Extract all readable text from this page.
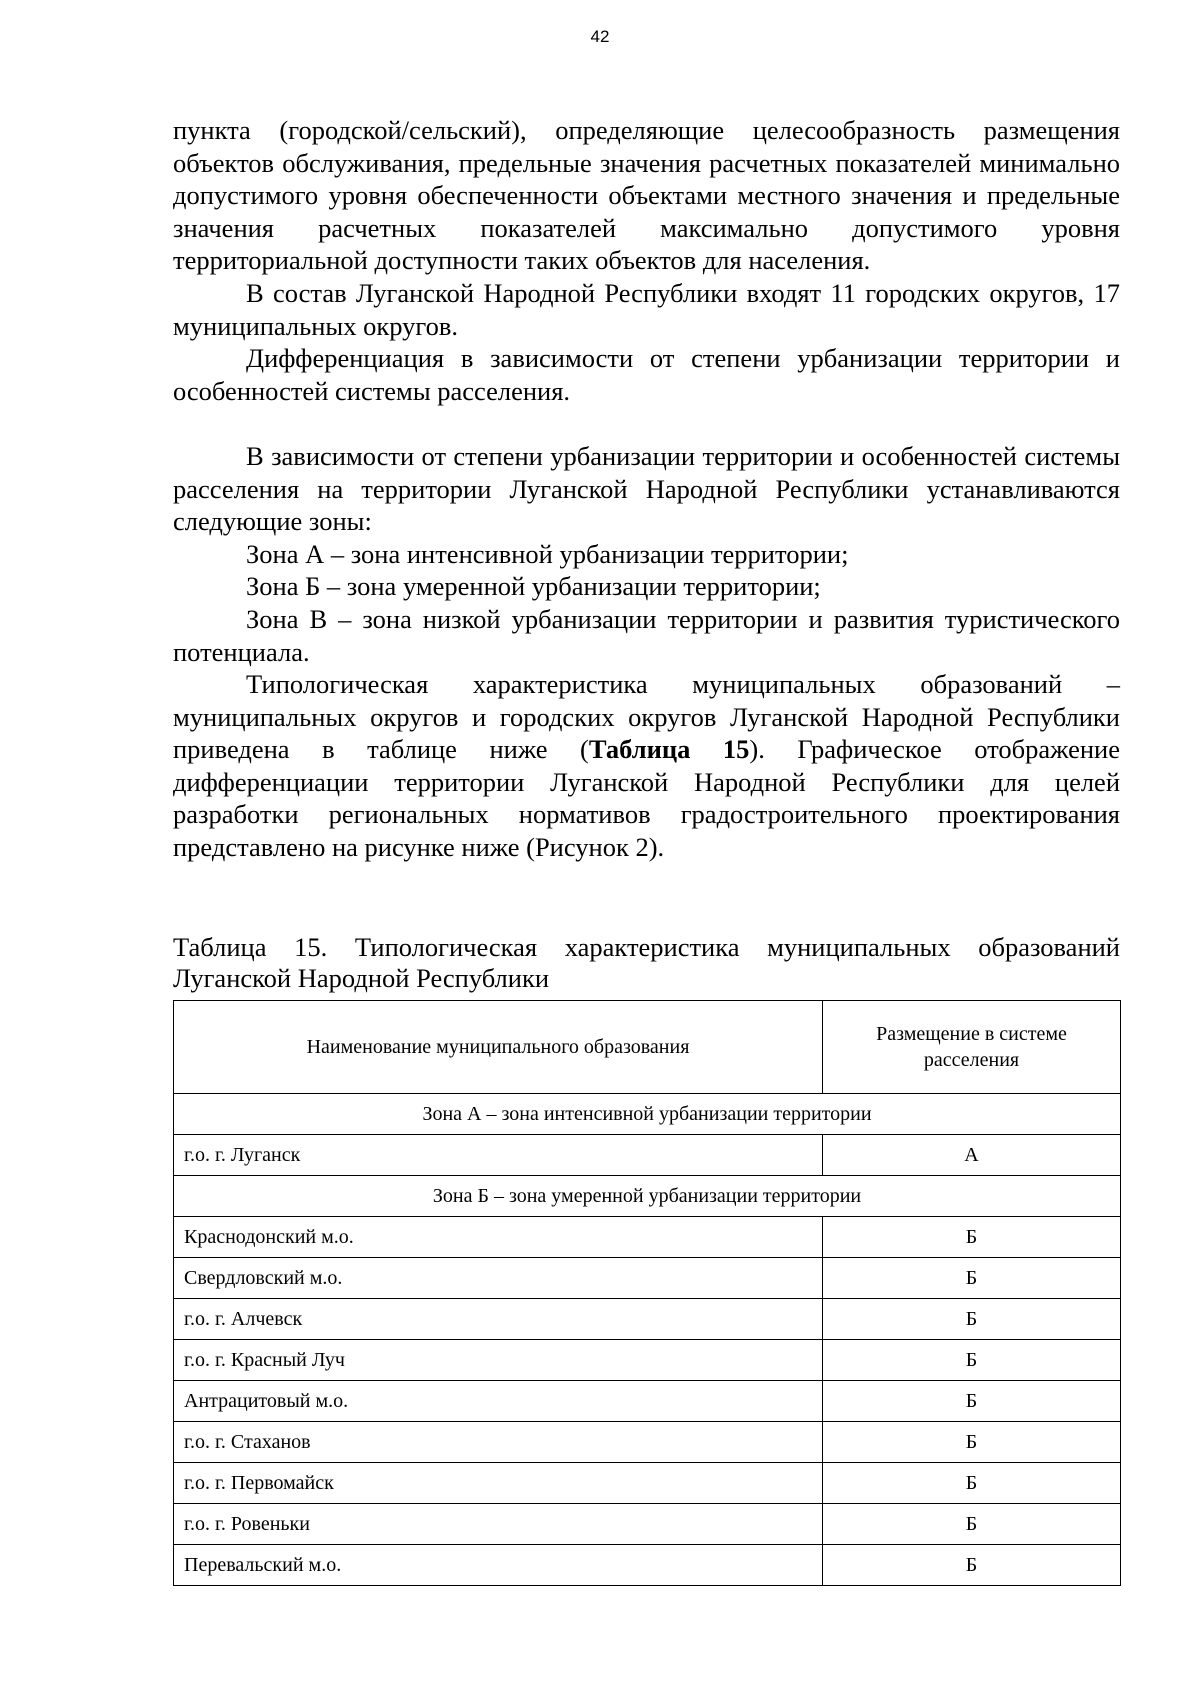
42

пункта (городской/сельский), определяющие целесообразность размещения объектов обслуживания, предельные значения расчетных показателей минимально допустимого уровня обеспеченности объектами местного значения и предельные значения расчетных показателей максимально допустимого уровня территориальной доступности таких объектов для населения.

В состав Луганской Народной Республики входят 11 городских округов, 17 муниципальных округов.

Дифференциация в зависимости от степени урбанизации территории и особенностей системы расселения.

В зависимости от степени урбанизации территории и особенностей системы расселения на территории Луганской Народной Республики устанавливаются следующие зоны:

Зона А – зона интенсивной урбанизации территории;

Зона Б – зона умеренной урбанизации территории;

Зона В – зона низкой урбанизации территории и развития туристического потенциала.

Типологическая характеристика муниципальных образований – муниципальных округов и городских округов Луганской Народной Республики приведена в таблице ниже (Таблица 15). Графическое отображение дифференциации территории Луганской Народной Республики для целей разработки региональных нормативов градостроительного проектирования представлено на рисунке ниже (Рисунок 2).

Таблица 15. Типологическая характеристика муниципальных образований Луганской Народной Республики

Наименование муниципального образования	Размещение в системе расселения
Зона А – зона интенсивной урбанизации территории	
г.о. г. Луганск	А
Зона Б – зона умеренной урбанизации территории	
Краснодонский м.о.	Б
Свердловский м.о.	Б
г.о. г. Алчевск	Б
г.о. г. Красный Луч	Б
Антрацитовый м.о.	Б
г.о. г. Стаханов	Б
г.о. г. Первомайск	Б
г.о. г. Ровеньки	Б
Перевальский м.о.	Б
